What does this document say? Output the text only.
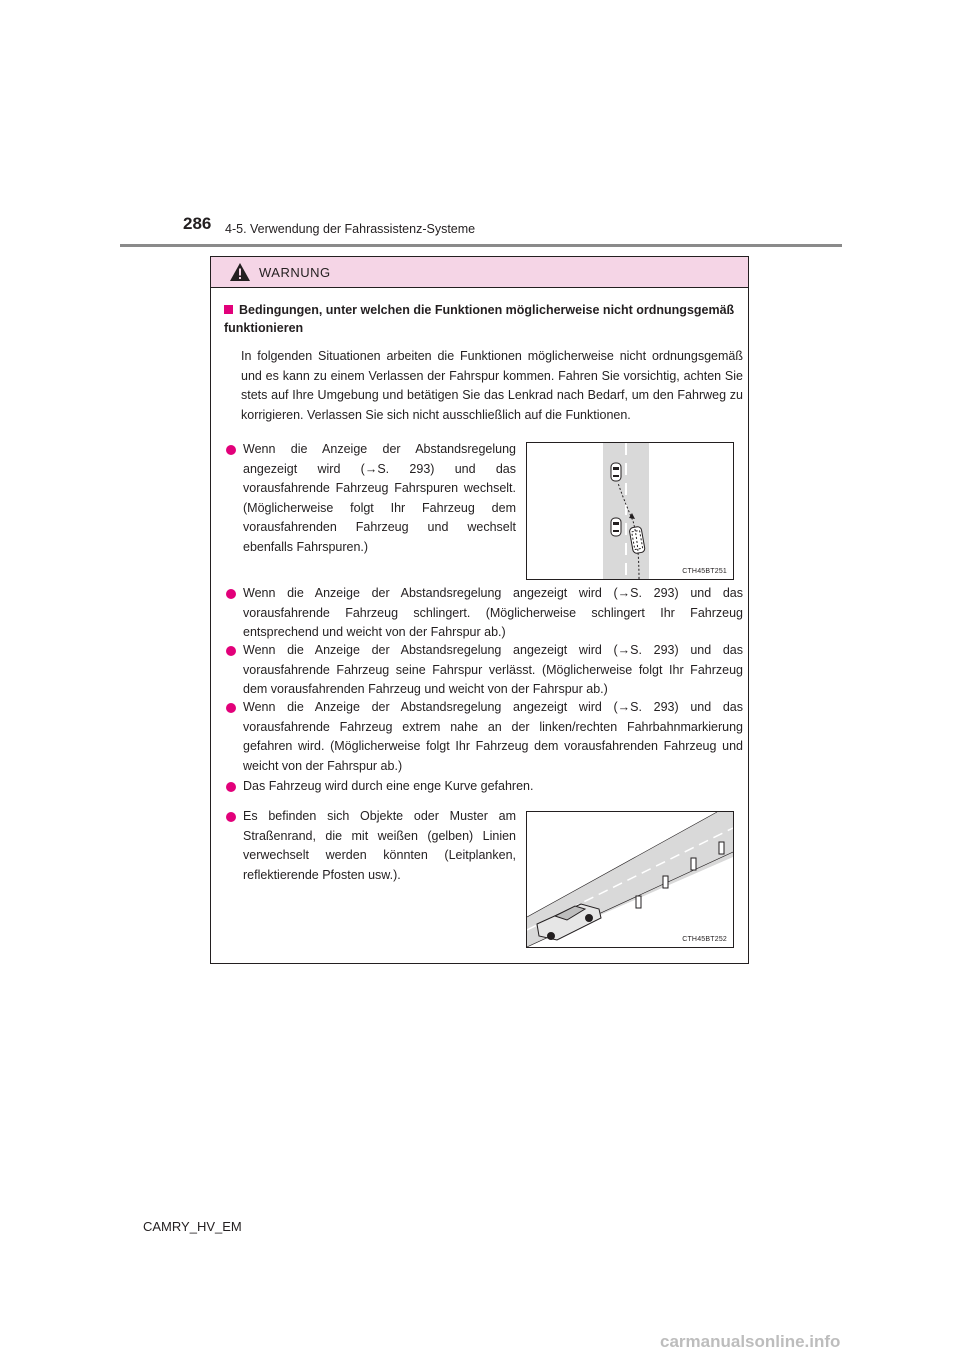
286 4-5. Verwendung der Fahrassistenz-Systeme
WARNUNG
Bedingungen, unter welchen die Funktionen möglicherweise nicht ordnungsgemäß funktionieren
In folgenden Situationen arbeiten die Funktionen möglicherweise nicht ordnungsgemäß und es kann zu einem Verlassen der Fahrspur kommen. Fahren Sie vorsichtig, achten Sie stets auf Ihre Umgebung und betätigen Sie das Lenkrad nach Bedarf, um den Fahrweg zu korrigieren. Verlassen Sie sich nicht ausschließlich auf die Funktionen.
Wenn die Anzeige der Abstandsregelung angezeigt wird (→S. 293) und das vorausfahrende Fahrzeug Fahrspuren wechselt. (Möglicherweise folgt Ihr Fahrzeug dem vorausfahrenden Fahrzeug und wechselt ebenfalls Fahrspuren.)
CTH45BT251
Wenn die Anzeige der Abstandsregelung angezeigt wird (→S. 293) und das vorausfahrende Fahrzeug schlingert. (Möglicherweise schlingert Ihr Fahrzeug entsprechend und weicht von der Fahrspur ab.)
Wenn die Anzeige der Abstandsregelung angezeigt wird (→S. 293) und das vorausfahrende Fahrzeug seine Fahrspur verlässt. (Möglicherweise folgt Ihr Fahrzeug dem vorausfahrenden Fahrzeug und weicht von der Fahrspur ab.)
Wenn die Anzeige der Abstandsregelung angezeigt wird (→S. 293) und das vorausfahrende Fahrzeug extrem nahe an der linken/rechten Fahrbahnmarkierung gefahren wird. (Möglicherweise folgt Ihr Fahrzeug dem vorausfahrenden Fahrzeug und weicht von der Fahrspur ab.)
Das Fahrzeug wird durch eine enge Kurve gefahren.
Es befinden sich Objekte oder Muster am Straßenrand, die mit weißen (gelben) Linien verwechselt werden könnten (Leitplanken, reflektierende Pfosten usw.).
CTH45BT252
CAMRY_HV_EM
carmanualsonline.info
